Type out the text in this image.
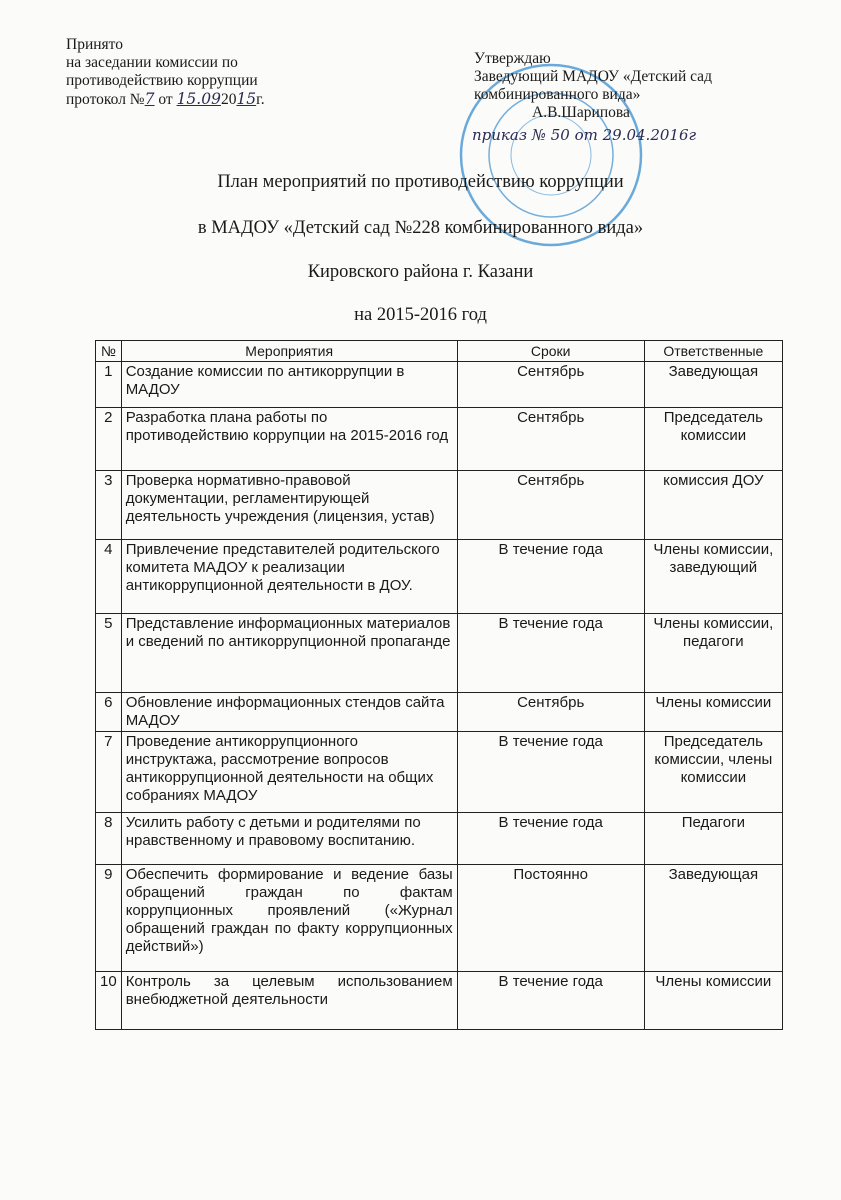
Принято
на заседании комиссии по
противодействию коррупции
протокол №7 от 15.092015г.
Утверждаю
Заведующий МАДОУ «Детский сад
комбинированного вида»
А.В.Шарипова
приказ № 50 от 29.04.2016г
План мероприятий по противодействию коррупции
в МАДОУ «Детский сад №228 комбинированного вида»
Кировского района г. Казани
на 2015-2016 год
№	Мероприятия	Сроки	Ответственные
1	Создание комиссии по антикоррупции в МАДОУ	Сентябрь	Заведующая
2	Разработка плана работы по противодействию коррупции на 2015-2016 год	Сентябрь	Председатель комиссии
3	Проверка нормативно-правовой документации, регламентирующей деятельность учреждения (лицензия, устав)	Сентябрь	комиссия ДОУ
4	Привлечение представителей родительского комитета МАДОУ к реализации антикоррупционной деятельности в ДОУ.	В течение года	Члены комиссии, заведующий
5	Представление информационных материалов и сведений по антикоррупционной пропаганде	В течение года	Члены комиссии, педагоги
6	Обновление информационных стендов сайта МАДОУ	Сентябрь	Члены комиссии
7	Проведение антикоррупционного инструктажа, рассмотрение вопросов антикоррупционной деятельности на общих собраниях МАДОУ	В течение года	Председатель комиссии, члены комиссии
8	Усилить работу с детьми и родителями по нравственному и правовому воспитанию.	В течение года	Педагоги
9	Обеспечить формирование и ведение базы обращений граждан по фактам коррупционных проявлений («Журнал обращений граждан по факту коррупционных действий»)	Постоянно	Заведующая
10	Контроль за целевым использованием внебюджетной деятельности	В течение года	Члены комиссии
